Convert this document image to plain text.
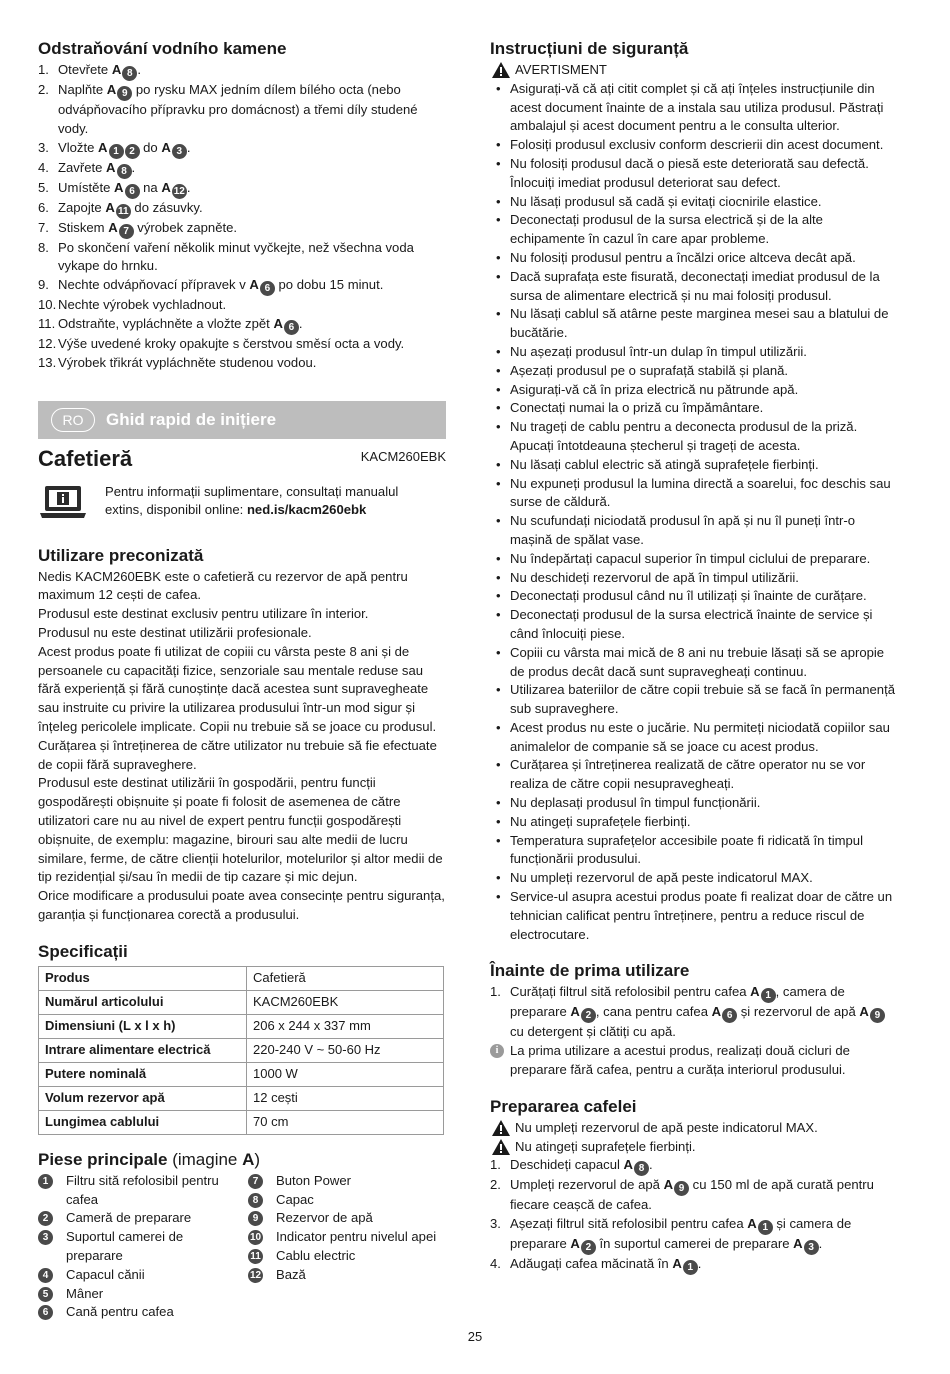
Odstraňování vodního kamene
1. Otevřete A 8 .
2. Naplňte A 9 po rysku MAX jedním dílem bílého octa (nebo odvápňovacího přípravku pro domácnost) a třemi díly studené vody.
3. Vložte A 1 2 do A 3 .
4. Zavřete A 8 .
5. Umístěte A 6 na A 12 .
6. Zapojte A 11 do zásuvky.
7. Stiskem A 7 výrobek zapněte.
8. Po skončení vaření několik minut vyčkejte, než všechna voda vykape do hrnku.
9. Nechte odvápňovací přípravek v A 6 po dobu 15 minut.
10. Nechte výrobek vychladnout.
11. Odstraňte, vypláchněte a vložte zpět A 6 .
12. Výše uvedené kroky opakujte s čerstvou směsí octa a vody.
13. Výrobek třikrát vypláchněte studenou vodou.
RO	Ghid rapid de inițiere
Cafetieră	KACM260EBK
Pentru informații suplimentare, consultați manualul extins, disponibil online: ned.is/kacm260ebk
Utilizare preconizată
Nedis KACM260EBK este o cafetieră cu rezervor de apă pentru maximum 12 cești de cafea.
Produsul este destinat exclusiv pentru utilizare în interior.
Produsul nu este destinat utilizării profesionale.
Acest produs poate fi utilizat de copiii cu vârsta peste 8 ani și de persoanele cu capacități fizice, senzoriale sau mentale reduse sau fără experiență și fără cunoștințe dacă acestea sunt supravegheate sau instruite cu privire la utilizarea produsului într-un mod sigur și înțeleg pericolele implicate. Copii nu trebuie să se joace cu produsul. Curățarea și întreținerea de către utilizator nu trebuie să fie efectuate de copii fără supraveghere.
Produsul este destinat utilizării în gospodării, pentru funcții gospodărești obișnuite și poate fi folosit de asemenea de către utilizatori care nu au nivel de expert pentru funcții gospodărești obișnuite, de exemplu: magazine, birouri sau alte medii de lucru similare, ferme, de către clienții hotelurilor, motelurilor și altor medii de tip rezidențial și/sau în medii de tip cazare și mic dejun.
Orice modificare a produsului poate avea consecințe pentru siguranța, garanția și funcționarea corectă a produsului.
Specificații
Produs	Cafetieră
Numărul articolului	KACM260EBK
Dimensiuni (L x l x h)	206 x 244 x 337 mm
Intrare alimentare electrică	220-240 V ~ 50-60 Hz
Putere nominală	1000 W
Volum rezervor apă	12 cești
Lungimea cablului	70 cm
Piese principale (imagine A)
1	Filtru sită refolosibil pentru cafea
2	Cameră de preparare
3	Suportul camerei de preparare
4	Capacul cănii
5	Mâner
6	Cană pentru cafea
7	Buton Power
8	Capac
9	Rezervor de apă
10 Indicator pentru nivelul apei
11 Cablu electric
12 Bază
Instrucțiuni de siguranță
AVERTISMENT
• Asigurați-vă că ați citit complet și că ați înțeles instrucțiunile din acest document înainte de a instala sau utiliza produsul. Păstrați ambalajul și acest document pentru a le consulta ulterior.
• Folosiți produsul exclusiv conform descrierii din acest document.
• Nu folosiți produsul dacă o piesă este deteriorată sau defectă. Înlocuiți imediat produsul deteriorat sau defect.
• Nu lăsați produsul să cadă și evitați ciocnirile elastice.
• Deconectați produsul de la sursa electrică și de la alte echipamente în cazul în care apar probleme.
• Nu folosiți produsul pentru a încălzi orice altceva decât apă.
• Dacă suprafața este fisurată, deconectați imediat produsul de la sursa de alimentare electrică și nu mai folosiți produsul.
• Nu lăsați cablul să atârne peste marginea mesei sau a blatului de bucătărie.
• Nu așezați produsul într-un dulap în timpul utilizării.
• Așezați produsul pe o suprafață stabilă și plană.
• Asigurați-vă că în priza electrică nu pătrunde apă.
• Conectați numai la o priză cu împământare.
• Nu trageți de cablu pentru a deconecta produsul de la priză. Apucați întotdeauna ștecherul și trageți de acesta.
• Nu lăsați cablul electric să atingă suprafețele fierbinți.
• Nu expuneți produsul la lumina directă a soarelui, foc deschis sau surse de căldură.
• Nu scufundați niciodată produsul în apă și nu îl puneți într-o mașină de spălat vase.
• Nu îndepărtați capacul superior în timpul ciclului de preparare.
• Nu deschideți rezervorul de apă în timpul utilizării.
• Deconectați produsul când nu îl utilizați și înainte de curățare.
• Deconectați produsul de la sursa electrică înainte de service și când înlocuiți piese.
• Copiii cu vârsta mai mică de 8 ani nu trebuie lăsați să se apropie de produs decât dacă sunt supravegheați continuu.
• Utilizarea bateriilor de către copii trebuie să se facă în permanență sub supraveghere.
• Acest produs nu este o jucărie. Nu permiteți niciodată copiilor sau animalelor de companie să se joace cu acest produs.
• Curățarea și întreținerea realizată de către operator nu se vor realiza de către copii nesupravegheați.
• Nu deplasați produsul în timpul funcționării.
• Nu atingeți suprafețele fierbinți.
• Temperatura suprafețelor accesibile poate fi ridicată în timpul funcționării produsului.
• Nu umpleți rezervorul de apă peste indicatorul MAX.
• Service-ul asupra acestui produs poate fi realizat doar de către un tehnician calificat pentru întreținere, pentru a reduce riscul de electrocutare.
Înainte de prima utilizare
1. Curățați filtrul sită refolosibil pentru cafea A 1 , camera de preparare A 2 , cana pentru cafea A 6 și rezervorul de apă A 9 cu detergent și clătiți cu apă.
i La prima utilizare a acestui produs, realizați două cicluri de preparare fără cafea, pentru a curăța interiorul produsului.
Prepararea cafelei
Nu umpleți rezervorul de apă peste indicatorul MAX.
Nu atingeți suprafețele fierbinți.
1. Deschideți capacul A 8 .
2. Umpleți rezervorul de apă A 9 cu 150 ml de apă curată pentru fiecare ceașcă de cafea.
3. Așezați filtrul sită refolosibil pentru cafea A 1 și camera de preparare A 2 în suportul camerei de preparare A 3 .
4. Adăugați cafea măcinată în A 1 .
25
